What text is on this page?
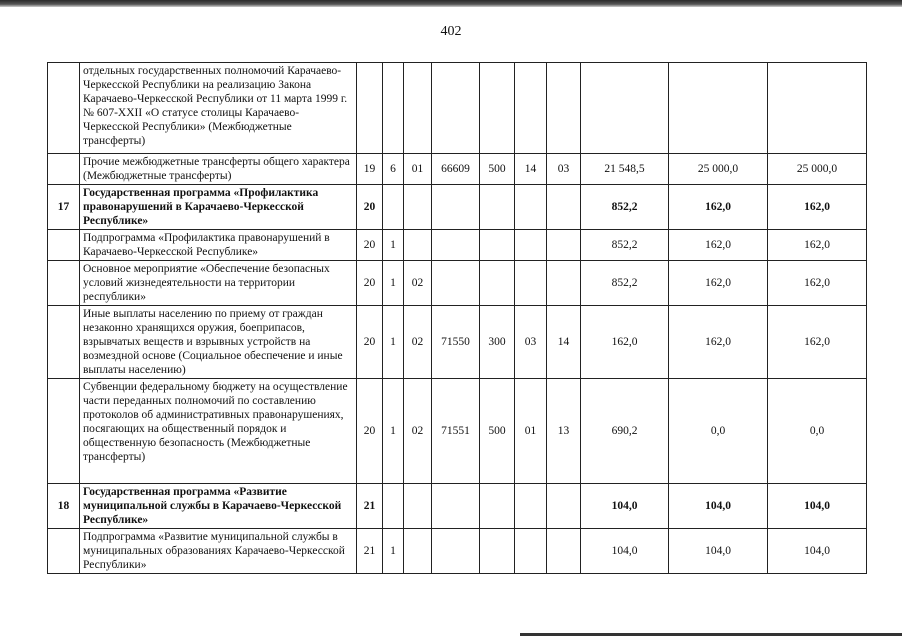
402
	отдельных государственных полномочий Карачаево-Черкесской Республики на реализацию Закона Карачаево-Черкесской Республики от 11 марта 1999 г. № 607-XXII «О статусе столицы Карачаево-Черкесской Республики» (Межбюджетные трансферты)										
	Прочие межбюджетные трансферты общего характера (Межбюджетные трансферты)	19	6	01	66609	500	14	03	21 548,5	25 000,0	25 000,0
17	Государственная программа «Профилактика правонарушений в Карачаево-Черкесской Республике»	20							852,2	162,0	162,0
	Подпрограмма «Профилактика правонарушений в Карачаево-Черкесской Республике»	20	1						852,2	162,0	162,0
	Основное мероприятие «Обеспечение безопасных условий жизнедеятельности на территории республики»	20	1	02					852,2	162,0	162,0
	Иные выплаты населению по приему от граждан незаконно хранящихся оружия, боеприпасов, взрывчатых веществ и взрывных устройств на возмездной основе (Социальное обеспечение и иные выплаты населению)	20	1	02	71550	300	03	14	162,0	162,0	162,0
	Субвенции федеральному бюджету на осуществление части переданных полномочий по составлению протоколов об административных правонарушениях, посягающих на общественный порядок и общественную безопасность (Межбюджетные трансферты)	20	1	02	71551	500	01	13	690,2	0,0	0,0
18	Государственная программа «Развитие муниципальной службы в Карачаево-Черкесской Республике»	21							104,0	104,0	104,0
	Подпрограмма «Развитие муниципальной службы в муниципальных образованиях Карачаево-Черкесской Республики»	21	1						104,0	104,0	104,0
